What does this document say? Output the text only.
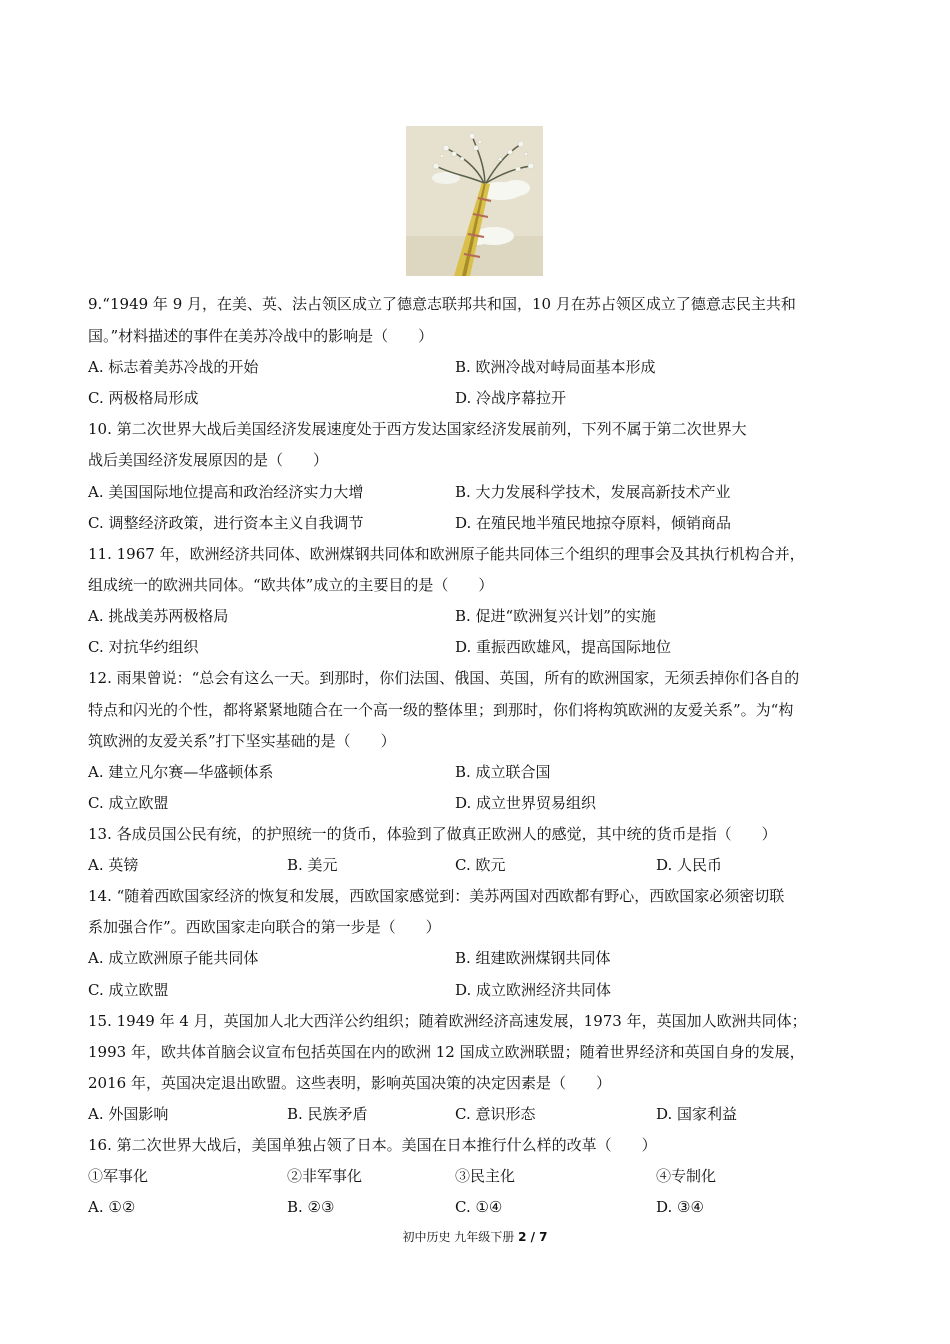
9.“1949 年 9 月，在美、英、法占领区成立了德意志联邦共和国，10 月在苏占领区成立了德意志民主共和
国。”材料描述的事件在美苏冷战中的影响是（　　）
A. 标志着美苏冷战的开始	B. 欧洲冷战对峙局面基本形成
C. 两极格局形成	D. 冷战序幕拉开
10. 第二次世界大战后美国经济发展速度处于西方发达国家经济发展前列，下列不属于第二次世界大
战后美国经济发展原因的是（　　）
A. 美国国际地位提高和政治经济实力大增	B. 大力发展科学技术，发展高新技术产业
C. 调整经济政策，进行资本主义自我调节	D. 在殖民地半殖民地掠夺原料，倾销商品
11. 1967 年，欧洲经济共同体、欧洲煤钢共同体和欧洲原子能共同体三个组织的理事会及其执行机构合并，
组成统一的欧洲共同体。“欧共体”成立的主要目的是（　　）
A. 挑战美苏两极格局	B. 促进“欧洲复兴计划”的实施
C. 对抗华约组织	D. 重振西欧雄风，提高国际地位
12. 雨果曾说：“总会有这么一天。到那时，你们法国、俄国、英国，所有的欧洲国家，无须丢掉你们各自的
特点和闪光的个性，都将紧紧地随合在一个高一级的整体里；到那时，你们将构筑欧洲的友爱关系”。为“构
筑欧洲的友爱关系”打下坚实基础的是（　　）
A. 建立凡尔赛—华盛顿体系	B. 成立联合国
C. 成立欧盟	D. 成立世界贸易组织
13. 各成员国公民有统，的护照统一的货币，体验到了做真正欧洲人的感觉，其中统的货币是指（　　）
A. 英镑	B. 美元	C. 欧元	D. 人民币
14. “随着西欧国家经济的恢复和发展，西欧国家感觉到：美苏两国对西欧都有野心，西欧国家必须密切联
系加强合作”。西欧国家走向联合的第一步是（　　）
A. 成立欧洲原子能共同体	B. 组建欧洲煤钢共同体
C. 成立欧盟	D. 成立欧洲经济共同体
15. 1949 年 4 月，英国加人北大西洋公约组织；随着欧洲经济高速发展，1973 年，英国加人欧洲共同体；
1993 年，欧共体首脑会议宣布包括英国在内的欧洲 12 国成立欧洲联盟；随着世界经济和英国自身的发展，
2016 年，英国决定退出欧盟。这些表明，影响英国决策的决定因素是（　　）
A. 外国影响	B. 民族矛盾	C. 意识形态	D. 国家利益
16. 第二次世界大战后，美国单独占领了日本。美国在日本推行什么样的改革（　　）
①军事化	②非军事化	③民主化	④专制化
A. ①②	B. ②③	C. ①④	D. ③④
初中历史 九年级下册 2 / 7
